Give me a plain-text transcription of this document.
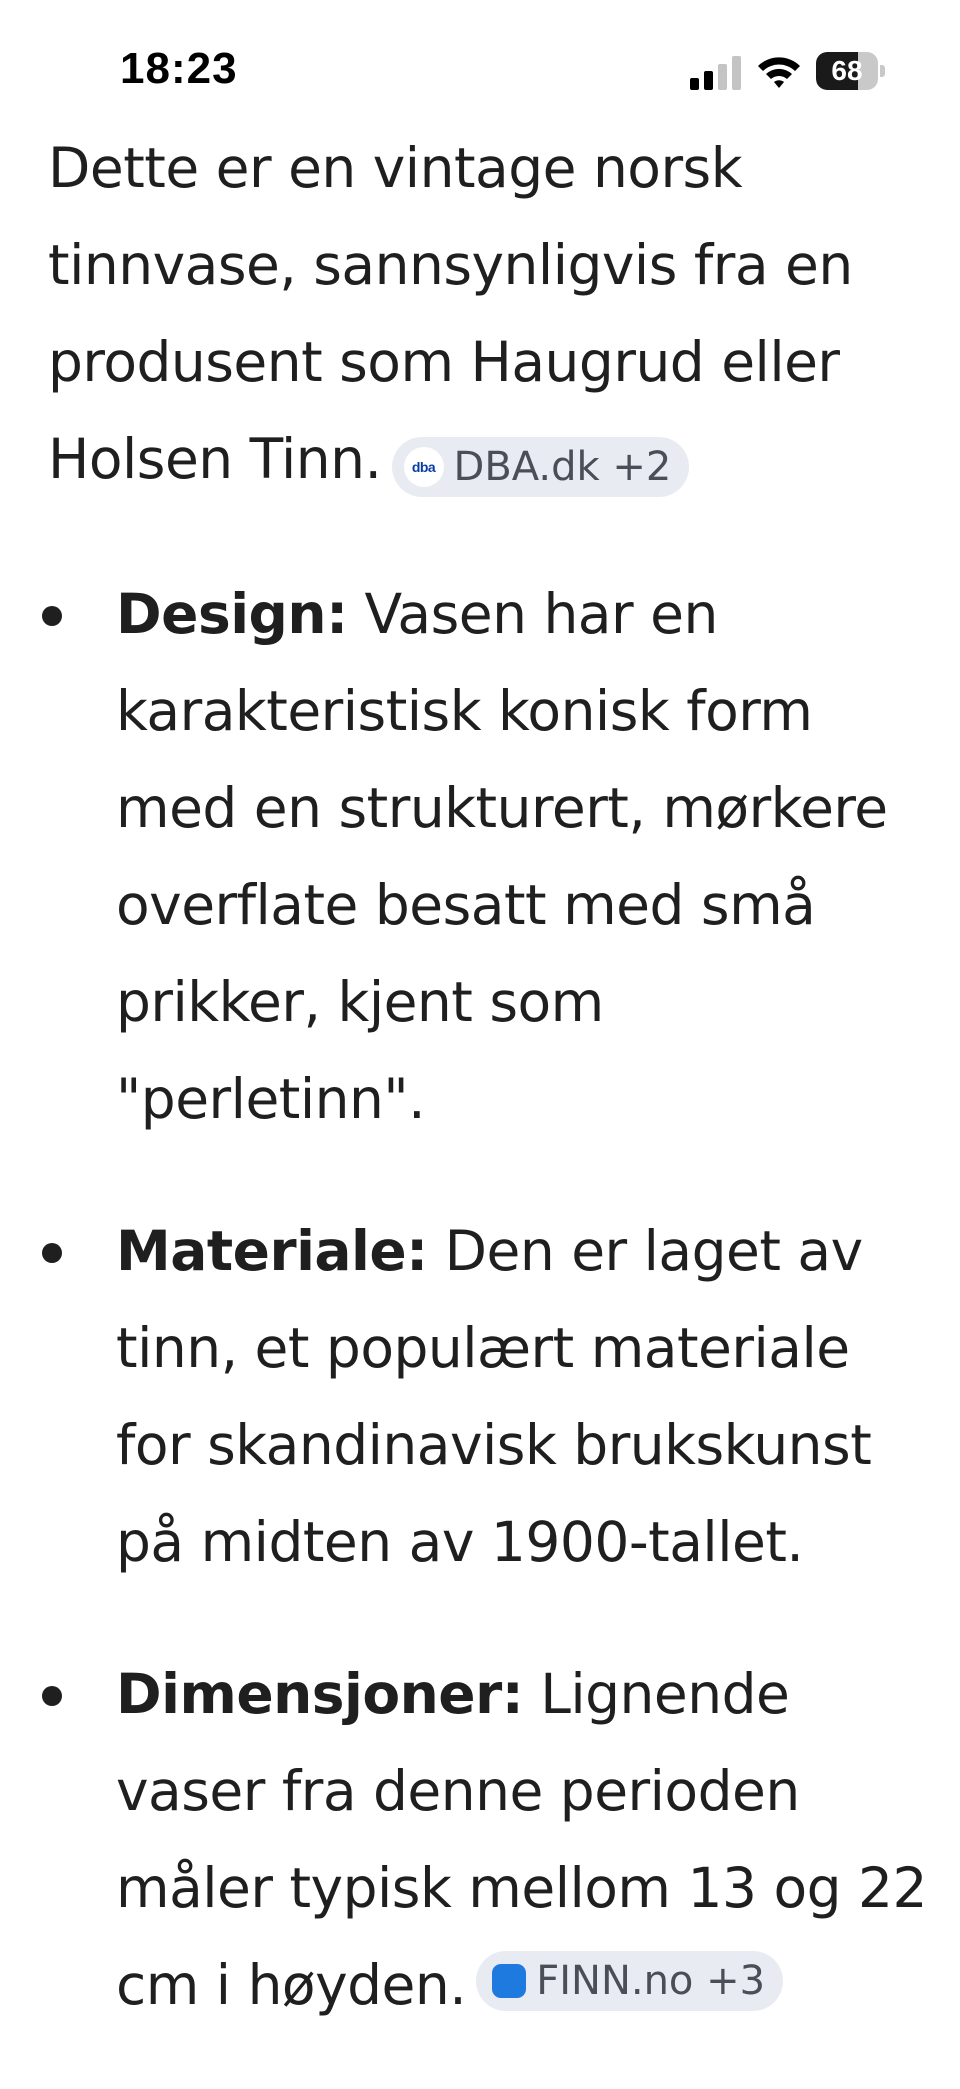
18:23	68

Dette er en vintage norsk tinnvase, sannsynligvis fra en produsent som Haugrud eller Holsen Tinn.	dba DBA.dk +2

Design: Vasen har en karakteristisk konisk form med en strukturert, mørkere overflate besatt med små prikker, kjent som "perletinn".
Materiale: Den er laget av tinn, et populært materiale for skandinavisk brukskunst på midten av 1900-tallet.
Dimensjoner: Lignende vaser fra denne perioden måler typisk mellom 13 og 22 cm i høyden. FINN.no +3
